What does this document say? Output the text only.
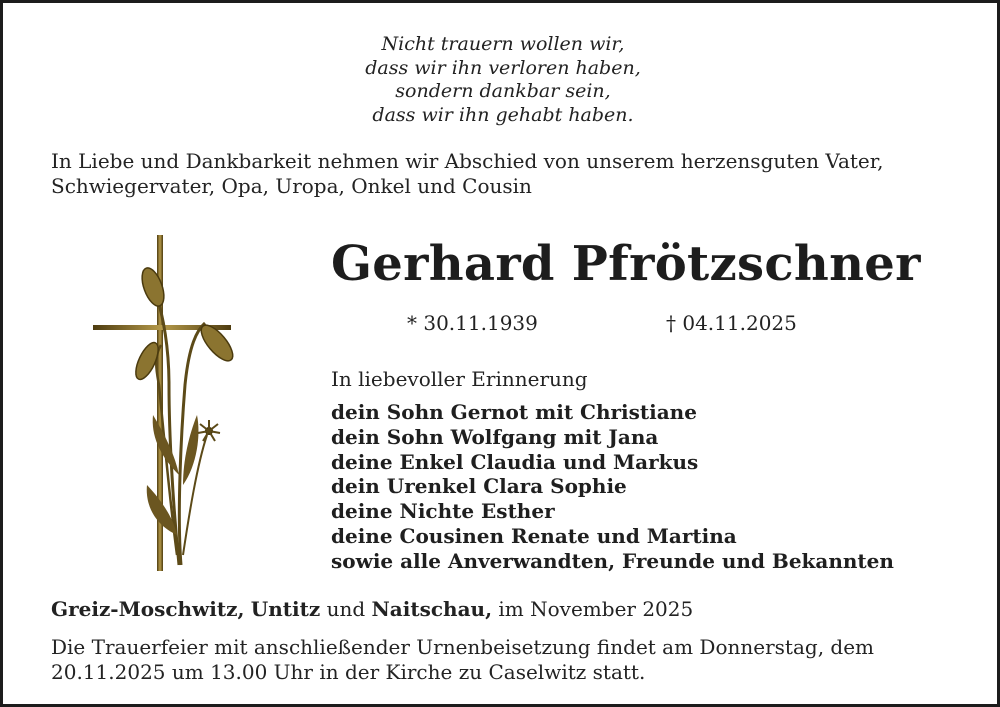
Nicht trauern wollen wir,
dass wir ihn verloren haben,
sondern dankbar sein,
dass wir ihn gehabt haben.
In Liebe und Dankbarkeit nehmen wir Abschied von unserem herzensguten Vater, Schwiegervater, Opa, Uropa, Onkel und Cousin
Gerhard Pfrötzschner
* 30.11.1939	† 04.11.2025
In liebevoller Erinnerung
dein Sohn Gernot mit Christiane
dein Sohn Wolfgang mit Jana
deine Enkel Claudia und Markus
dein Urenkel Clara Sophie
deine Nichte Esther
deine Cousinen Renate und Martina
sowie alle Anverwandten, Freunde und Bekannten
Greiz-Moschwitz, Untitz und Naitschau, im November 2025
Die Trauerfeier mit anschließender Urnenbeisetzung findet am Donnerstag, dem 20.11.2025 um 13.00 Uhr in der Kirche zu Caselwitz statt.
